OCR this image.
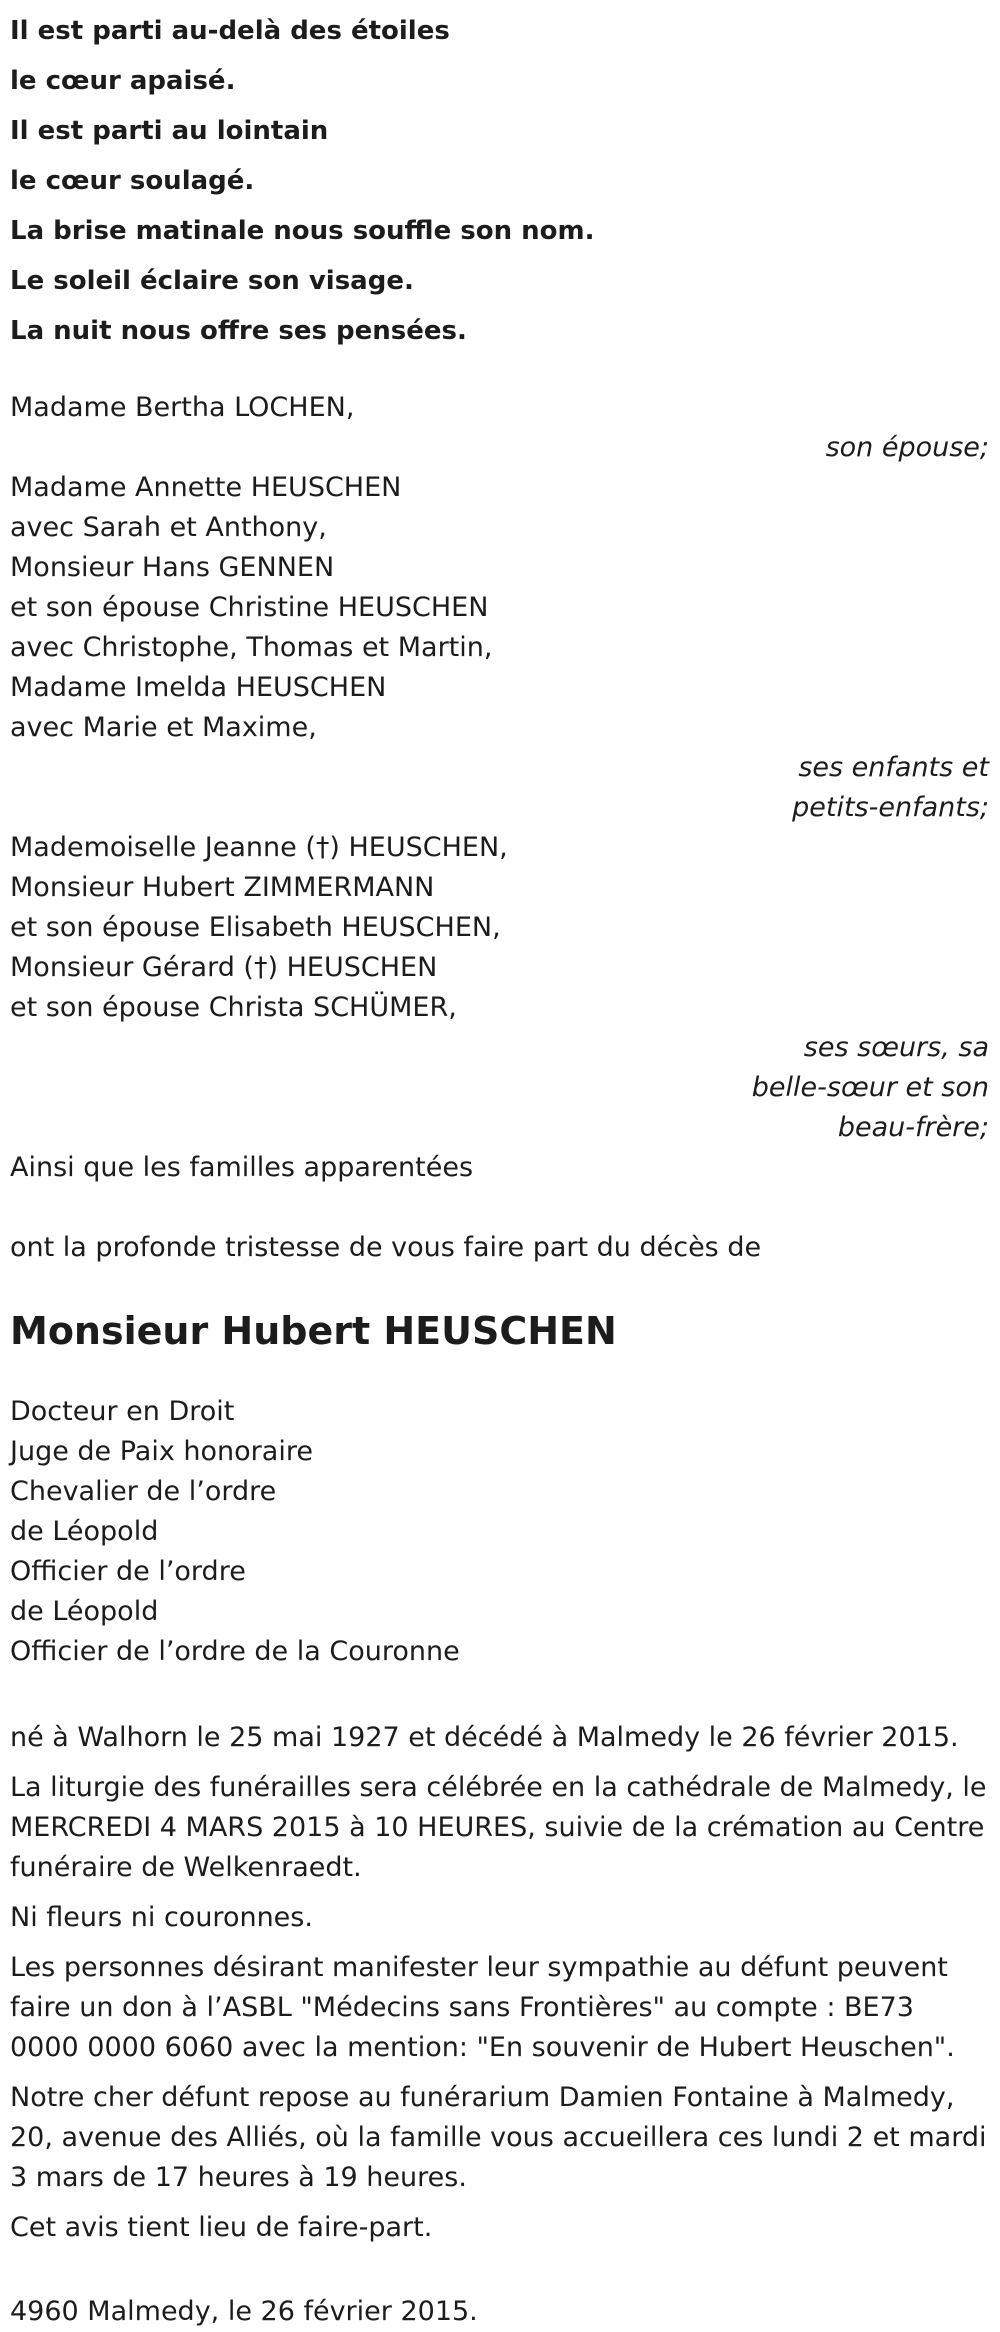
Il est parti au-delà des étoiles
le cœur apaisé.
Il est parti au lointain
le cœur soulagé.
La brise matinale nous souffle son nom.
Le soleil éclaire son visage.
La nuit nous offre ses pensées.
Madame Bertha LOCHEN,
son épouse;
Madame Annette HEUSCHEN
avec Sarah et Anthony,
Monsieur Hans GENNEN
et son épouse Christine HEUSCHEN
avec Christophe, Thomas et Martin,
Madame Imelda HEUSCHEN
avec Marie et Maxime,
ses enfants et
petits-enfants;
Mademoiselle Jeanne (†) HEUSCHEN,
Monsieur Hubert ZIMMERMANN
et son épouse Elisabeth HEUSCHEN,
Monsieur Gérard (†) HEUSCHEN
et son épouse Christa SCHÜMER,
ses sœurs, sa
belle-sœur et son
beau-frère;
Ainsi que les familles apparentées
ont la profonde tristesse de vous faire part du décès de
Monsieur Hubert HEUSCHEN
Docteur en Droit
Juge de Paix honoraire
Chevalier de l’ordre
de Léopold
Officier de l’ordre
de Léopold
Officier de l’ordre de la Couronne
né à Walhorn le 25 mai 1927 et décédé à Malmedy le 26 février 2015.
La liturgie des funérailles sera célébrée en la cathédrale de Malmedy, le MERCREDI 4 MARS 2015 à 10 HEURES, suivie de la crémation au Centre funéraire de Welkenraedt.
Ni fleurs ni couronnes.
Les personnes désirant manifester leur sympathie au défunt peuvent faire un don à l’ASBL "Médecins sans Frontières" au compte : BE73 0000 0000 6060 avec la mention: "En souvenir de Hubert Heuschen".
Notre cher défunt repose au funérarium Damien Fontaine à Malmedy, 20, avenue des Alliés, où la famille vous accueillera ces lundi 2 et mardi 3 mars de 17 heures à 19 heures.
Cet avis tient lieu de faire-part.
4960 Malmedy, le 26 février 2015.
